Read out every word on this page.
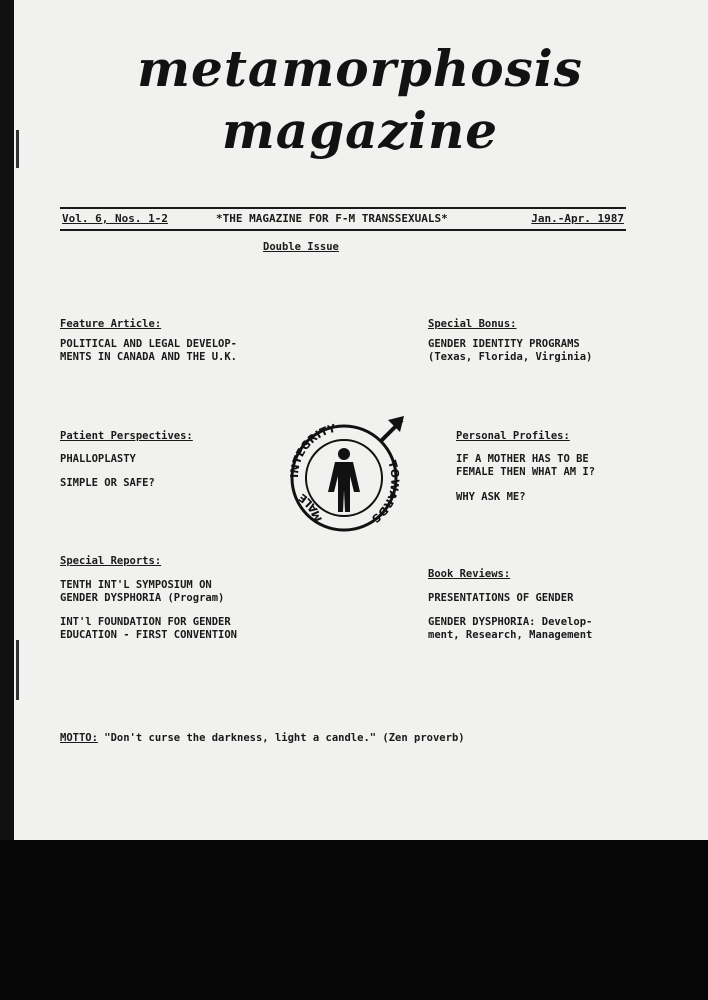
metamorphosis
magazine
Vol. 6, Nos. 1-2	*THE MAGAZINE FOR F-M TRANSSEXUALS*	Jan.-Apr. 1987
Double Issue
Feature Article:
POLITICAL AND LEGAL DEVELOP-
MENTS IN CANADA AND THE U.K.
Special Bonus:
GENDER IDENTITY PROGRAMS
(Texas, Florida, Virginia)
Patient Perspectives:
PHALLOPLASTY
SIMPLE OR SAFE?
Personal Profiles:
IF A MOTHER HAS TO BE
FEMALE THEN WHAT AM I?
WHY ASK ME?
INTEGRITY
TOWARDS
MALE
Special Reports:
TENTH INT'L SYMPOSIUM ON
GENDER DYSPHORIA (Program)
INT'l FOUNDATION FOR GENDER
EDUCATION - FIRST CONVENTION
Book Reviews:
PRESENTATIONS OF GENDER
GENDER DYSPHORIA: Develop-
ment, Research, Management
MOTTO: "Don't curse the darkness, light a candle." (Zen proverb)
